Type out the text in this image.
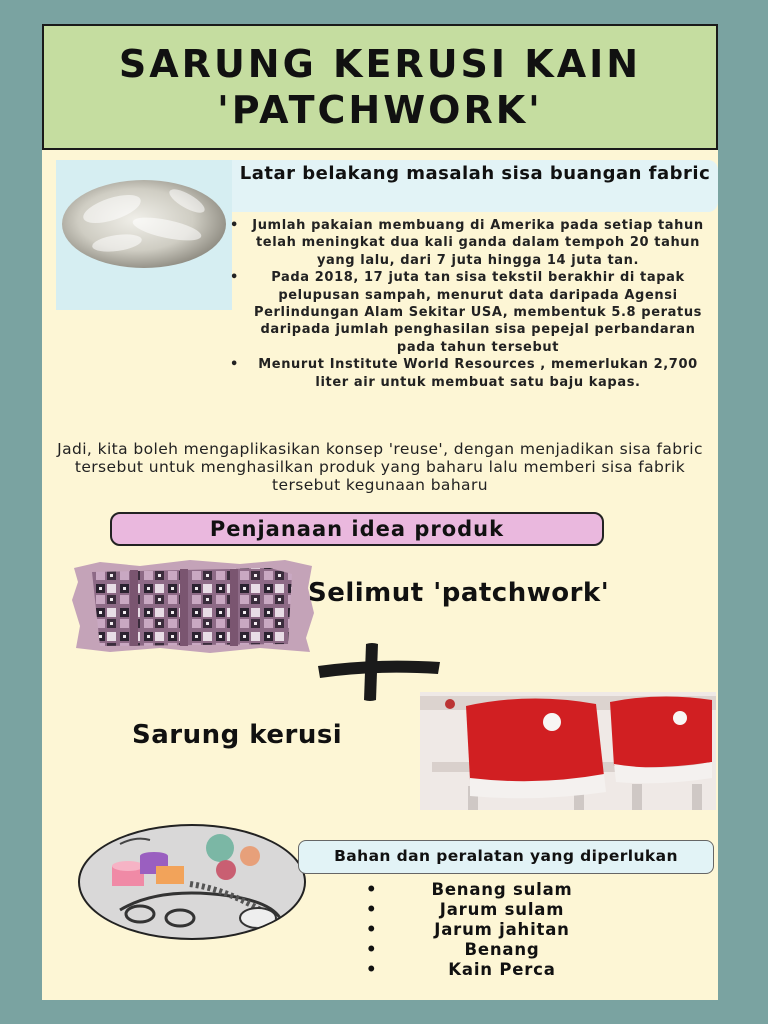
SARUNG KERUSI KAIN
'PATCHWORK'
Latar belakang masalah sisa buangan fabric
• Jumlah pakaian membuang di Amerika pada setiap tahun telah meningkat dua kali ganda dalam tempoh 20 tahun yang lalu, dari 7 juta hingga 14 juta tan.
• Pada 2018, 17 juta tan sisa tekstil berakhir di tapak pelupusan sampah, menurut data daripada Agensi Perlindungan Alam Sekitar USA, membentuk 5.8 peratus daripada jumlah penghasilan sisa pepejal perbandaran pada tahun tersebut
• Menurut Institute World Resources , memerlukan 2,700 liter air untuk membuat satu baju kapas.
Jadi, kita boleh mengaplikasikan konsep 'reuse', dengan menjadikan sisa fabric tersebut untuk menghasilkan produk yang baharu lalu memberi sisa fabrik tersebut kegunaan baharu
Penjanaan idea produk
Selimut 'patchwork'
Sarung kerusi
Bahan dan peralatan yang diperlukan
• Benang sulam
• Jarum sulam
• Jarum jahitan
• Benang
• Kain Perca
